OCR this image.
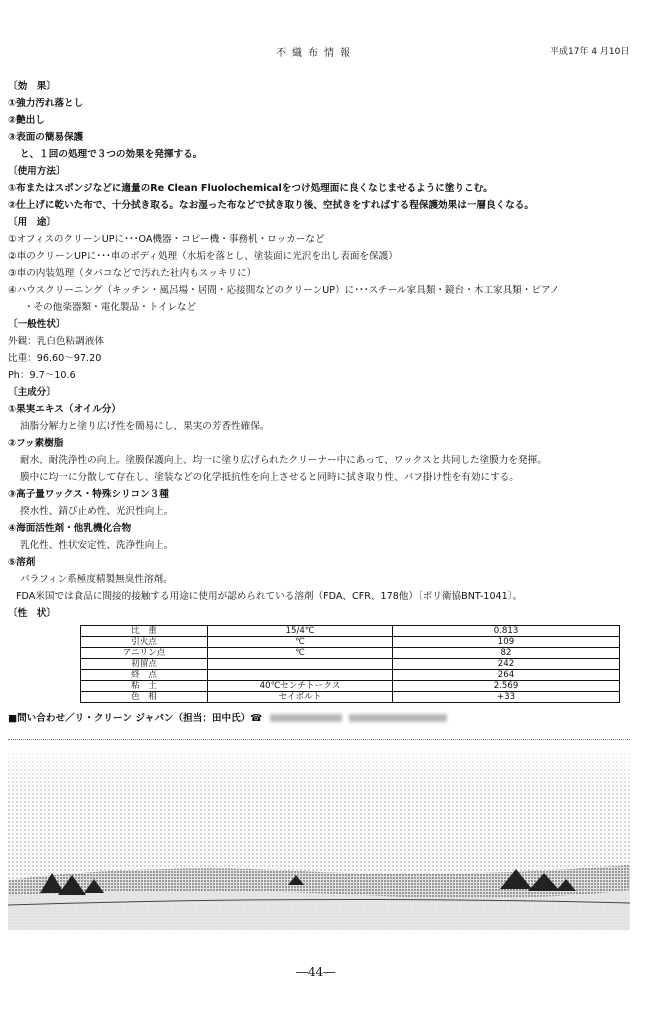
不織布情報	平成17年 4 月10日
〔効　果〕
①強力汚れ落とし
②艶出し
③表面の簡易保護
と、１回の処理で３つの効果を発揮する。
〔使用方法〕
①布またはスポンジなどに適量のRe Clean Fluolochemicalをつけ処理面に良くなじませるように塗りこむ。
②仕上げに乾いた布で、十分拭き取る。なお湿った布などで拭き取り後、空拭きをすればする程保護効果は一層良くなる。
〔用　途〕
①オフィスのクリーンUPに･･･OA機器・コピー機・事務机・ロッカーなど
②車のクリーンUPに･･･車のボディ処理（水垢を落とし、塗装面に光沢を出し表面を保護）
③車の内装処理（タバコなどで汚れた社内もスッキリに）
④ハウスクリーニング（キッチン・風呂場・居間・応接間などのクリーンUP）に･･･スチール家具類・鏡台・木工家具類・ピアノ
・その他楽器類・電化製品・トイレなど
〔一般性状〕
外観：乳白色粘調液体
比重：96.60～97.20
Ph：9.7～10.6
〔主成分〕
①果実エキス（オイル分）
油脂分解力と塗り広げ性を簡易にし、果実の芳香性確保。
②フッ素樹脂
耐水、耐洗浄性の向上。塗膜保護向上、均一に塗り広げられたクリーナー中にあって、ワックスと共同した塗膜力を発揮。
膜中に均一に分散して存在し、塗装などの化学抵抗性を向上させると同時に拭き取り性、バフ掛け性を有効にする。
③高子量ワックス・特殊シリコン３種
揆水性、錆び止め性、光沢性向上。
④海面活性剤・他乳機化合物
乳化性、性状安定性、洗浄性向上。
⑤溶剤
パラフィン系極度精製無臭性溶剤。
FDA米国では食品に間接的接触する用途に使用が認められている溶剤（FDA、CFR、178他）〔ポリ衛協BNT-1041〕。
〔性　状〕
比　重	15/4℃	0.813
引火点	℃	109
アニリン点	℃	82
初留点		242
終　点		264
粘　土	40℃センチトークス	2.569
色　相	セイボルト	+33
■問い合わせ／リ・クリーン ジャパン（担当：田中氏）☎
―44―
